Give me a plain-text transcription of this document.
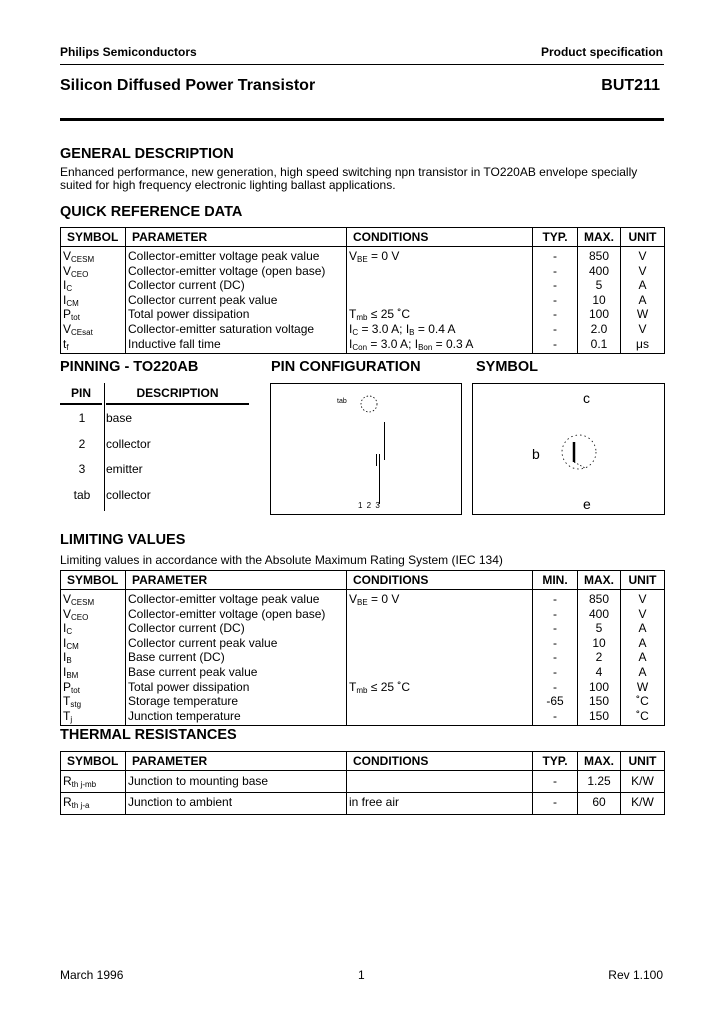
Philips Semiconductors	Product specification
Silicon Diffused Power Transistor	BUT211
GENERAL DESCRIPTION
Enhanced performance, new generation, high speed switching npn transistor in TO220AB envelope specially suited for high frequency electronic lighting ballast applications.
QUICK REFERENCE DATA
SYMBOL	PARAMETER	CONDITIONS	TYP.	MAX.	UNIT
VCESM	Collector-emitter voltage peak value	VBE = 0 V	-	850	V
VCEO	Collector-emitter voltage (open base)		-	400	V
IC	Collector current (DC)		-	5	A
ICM	Collector current peak value		-	10	A
Ptot	Total power dissipation	Tmb ≤ 25 ˚C	-	100	W
VCEsat	Collector-emitter saturation voltage	IC = 3.0 A; IB = 0.4 A	-	2.0	V
tf	Inductive fall time	ICon = 3.0 A; IBon = 0.3 A	-	0.1	μs
PINNING - TO220AB
PIN	DESCRIPTION
1	base
2	collector
3	emitter
tab	collector
PIN CONFIGURATION
tab
1 2 3
SYMBOL
c
b
e
LIMITING VALUES
Limiting values in accordance with the Absolute Maximum Rating System (IEC 134)
SYMBOL	PARAMETER	CONDITIONS	MIN.	MAX.	UNIT
VCESM	Collector-emitter voltage peak value	VBE = 0 V	-	850	V
VCEO	Collector-emitter voltage (open base)		-	400	V
IC	Collector current (DC)		-	5	A
ICM	Collector current peak value		-	10	A
IB	Base current (DC)		-	2	A
IBM	Base current peak value		-	4	A
Ptot	Total power dissipation	Tmb ≤ 25 ˚C	-	100	W
Tstg	Storage temperature		-65	150	˚C
Tj	Junction temperature		-	150	˚C
THERMAL RESISTANCES
SYMBOL	PARAMETER	CONDITIONS	TYP.	MAX.	UNIT
Rth j-mb	Junction to mounting base		-	1.25	K/W
Rth j-a	Junction to ambient	in free air	-	60	K/W
March 1996	1	Rev 1.100
